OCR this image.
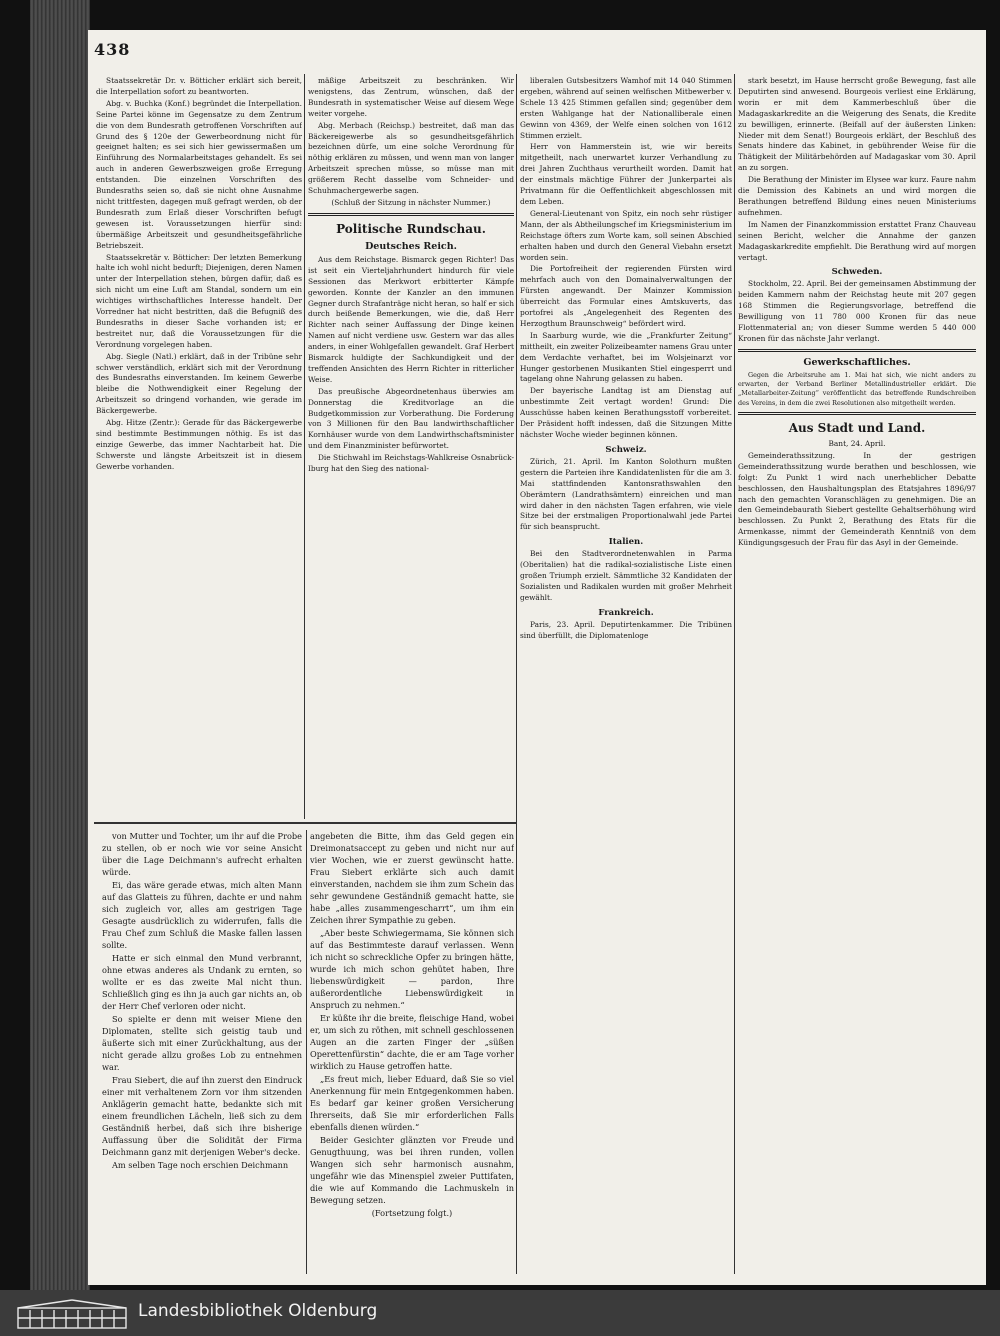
438

Staatssekretär Dr. v. Bötticher erklärt sich bereit, die Interpellation sofort zu beantworten.

Abg. v. Buchka (Konf.) begründet die Interpellation. Seine Partei könne im Gegensatze zu dem Zentrum die von dem Bundesrath getroffenen Vorschriften auf Grund des § 120e der Gewerbeordnung nicht für geeignet halten; es sei sich hier gewissermaßen um Einführung des Normalarbeitstages gehandelt. Es sei auch in anderen Gewerbszweigen große Erregung entstanden. Die einzelnen Vorschriften des Bundesraths seien so, daß sie nicht ohne Ausnahme nicht trittfesten, dagegen muß gefragt werden, ob der Bundesrath zum Erlaß dieser Vorschriften befugt gewesen ist. Voraussetzungen hierfür sind: übermäßige Arbeitszeit und gesundheitsgefährliche Betriebszeit.

Staatssekretär v. Bötticher: Der letzten Bemerkung halte ich wohl nicht bedurft; Diejenigen, deren Namen unter der Interpellation stehen, bürgen dafür, daß es sich nicht um eine Luft am Standal, sondern um ein wichtiges wirthschaftliches Interesse handelt. Der Vorredner hat nicht bestritten, daß die Befugniß des Bundesraths in dieser Sache vorhanden ist; er bestreitet nur, daß die Voraussetzungen für die Verordnung vorgelegen haben.

Abg. Siegle (Natl.) erklärt, daß in der Tribüne sehr schwer verständlich, erklärt sich mit der Verordnung des Bundesraths einverstanden. Im keinem Gewerbe bleibe die Nothwendigkeit einer Regelung der Arbeitszeit so dringend vorhanden, wie gerade im Bäckergewerbe.

Abg. Hitze (Zentr.): Gerade für das Bäckergewerbe sind bestimmte Bestimmungen nöthig. Es ist das einzige Gewerbe, das immer Nachtarbeit hat. Die Schwerste und längste Arbeitszeit ist in diesem Gewerbe vorhanden.

mäßige Arbeitszeit zu beschränken. Wir wenigstens, das Zentrum, wünschen, daß der Bundesrath in systematischer Weise auf diesem Wege weiter vorgehe.

Abg. Merbach (Reichsp.) bestreitet, daß man das Bäckereigewerbe als so gesundheitsgefährlich bezeichnen dürfe, um eine solche Verordnung für nöthig erklären zu müssen, und wenn man von langer Arbeitszeit sprechen müsse, so müsse man mit größerem Recht dasselbe vom Schneider- und Schuhmachergewerbe sagen.

(Schluß der Sitzung in nächster Nummer.)

Politische Rundschau.
Deutsches Reich.

Aus dem Reichstage. Bismarck gegen Richter! Das ist seit ein Vierteljahrhundert hindurch für viele Sessionen das Merkwort erbitterter Kämpfe geworden. Konnte der Kanzler an den immunen Gegner durch Strafanträge nicht heran, so half er sich durch beißende Bemerkungen, wie die, daß Herr Richter nach seiner Auffassung der Dinge keinen Namen auf nicht verdiene usw. Gestern war das alles anders, in einer Wohlgefallen gewandelt. Graf Herbert Bismarck huldigte der Sachkundigkeit und der treffenden Ansichten des Herrn Richter in ritterlicher Weise.

Das preußische Abgeordnetenhaus überwies am Donnerstag die Kreditvorlage an die Budgetkommission zur Vorberathung. Die Forderung von 3 Millionen für den Bau landwirthschaftlicher Kornhäuser wurde von dem Landwirthschaftsminister und dem Finanzminister befürwortet.

Die Stichwahl im Reichstags-Wahlkreise Osnabrück-Iburg hat den Sieg des national-

liberalen Gutsbesitzers Wamhof mit 14 040 Stimmen ergeben, während auf seinen welfischen Mitbewerber v. Schele 13 425 Stimmen gefallen sind; gegenüber dem ersten Wahlgange hat der Nationalliberale einen Gewinn von 4369, der Welfe einen solchen von 1612 Stimmen erzielt.

Herr von Hammerstein ist, wie wir bereits mitgetheilt, nach unerwartet kurzer Verhandlung zu drei Jahren Zuchthaus verurtheilt worden. Damit hat der einstmals mächtige Führer der Junkerpartei als Privatmann für die Oeffentlichkeit abgeschlossen mit dem Leben.

General-Lieutenant von Spitz, ein noch sehr rüstiger Mann, der als Abtheilungschef im Kriegsministerium im Reichstage öfters zum Worte kam, soll seinen Abschied erhalten haben und durch den General Viebahn ersetzt worden sein.

Die Portofreiheit der regierenden Fürsten wird mehrfach auch von den Domainalverwaltungen der Fürsten angewandt. Der Mainzer Kommission überreicht das Formular eines Amtskuverts, das portofrei als „Angelegenheit des Regenten des Herzogthum Braunschweig“ befördert wird.

In Saarburg wurde, wie die „Frankfurter Zeitung“ mittheilt, ein zweiter Polizeibeamter namens Grau unter dem Verdachte verhaftet, bei im Wolsjeinarzt vor Hunger gestorbenen Musikanten Stiel eingesperrt und tagelang ohne Nahrung gelassen zu haben.

Der bayerische Landtag ist am Dienstag auf unbestimmte Zeit vertagt worden! Grund: Die Ausschüsse haben keinen Berathungsstoff vorbereitet. Der Präsident hofft indessen, daß die Sitzungen Mitte nächster Woche wieder beginnen können.

Schweiz.

Zürich, 21. April. Im Kanton Solothurn mußten gestern die Parteien ihre Kandidatenlisten für die am 3. Mai stattfindenden Kantonsrathswahlen den Oberämtern (Landrathsämtern) einreichen und man wird daher in den nächsten Tagen erfahren, wie viele Sitze bei der erstmaligen Proportionalwahl jede Partei für sich beansprucht.

Italien.

Bei den Stadtverordnetenwahlen in Parma (Oberitalien) hat die radikal-sozialistische Liste einen großen Triumph erzielt. Sämmtliche 32 Kandidaten der Sozialisten und Radikalen wurden mit großer Mehrheit gewählt.

Frankreich.

Paris, 23. April. Deputirtenkammer. Die Tribünen sind überfüllt, die Diplomatenloge

stark besetzt, im Hause herrscht große Bewegung, fast alle Deputirten sind anwesend. Bourgeois verliest eine Erklärung, worin er mit dem Kammerbeschluß über die Madagaskarkredite an die Weigerung des Senats, die Kredite zu bewilligen, erinnerte. (Beifall auf der äußersten Linken: Nieder mit dem Senat!) Bourgeois erklärt, der Beschluß des Senats hindere das Kabinet, in gebührender Weise für die Thätigkeit der Militärbehörden auf Madagaskar vom 30. April an zu sorgen.

Die Berathung der Minister im Elysee war kurz. Faure nahm die Demission des Kabinets an und wird morgen die Berathungen betreffend Bildung eines neuen Ministeriums aufnehmen.

Im Namen der Finanzkommission erstattet Franz Chauveau seinen Bericht, welcher die Annahme der ganzen Madagaskarkredite empfiehlt. Die Berathung wird auf morgen vertagt.

Schweden.

Stockholm, 22. April. Bei der gemeinsamen Abstimmung der beiden Kammern nahm der Reichstag heute mit 207 gegen 168 Stimmen die Regierungsvorlage, betreffend die Bewilligung von 11 780 000 Kronen für das neue Flottenmaterial an; von dieser Summe werden 5 440 000 Kronen für das nächste Jahr verlangt.

Gewerkschaftliches.

Gegen die Arbeitsruhe am 1. Mai hat sich, wie nicht anders zu erwarten, der Verband Berliner Metallindustrieller erklärt. Die „Metallarbeiter-Zeitung“ veröffentlicht das betreffende Rundschreiben des Vereins, in dem die zwei Resolutionen also mitgetheilt werden.

Aus Stadt und Land.

Bant, 24. April.

Gemeinderathssitzung. In der gestrigen Gemeinderathssitzung wurde berathen und beschlossen, wie folgt: Zu Punkt 1 wird nach unerheblicher Debatte beschlossen, den Haushaltungsplan des Etatsjahres 1896/97 nach den gemachten Voranschlägen zu genehmigen. Die an den Gemeindebaurath Siebert gestellte Gehaltserhöhung wird beschlossen. Zu Punkt 2, Berathung des Etats für die Armenkasse, nimmt der Gemeinderath Kenntniß von dem Kündigungsgesuch der Frau für das Asyl in der Gemeinde.

von Mutter und Tochter, um ihr auf die Probe zu stellen, ob er noch wie vor seine Ansicht über die Lage Deichmann's aufrecht erhalten würde.

Ei, das wäre gerade etwas, mich alten Mann auf das Glatteis zu führen, dachte er und nahm sich zugleich vor, alles am gestrigen Tage Gesagte ausdrücklich zu widerrufen, falls die Frau Chef zum Schluß die Maske fallen lassen sollte.

Hatte er sich einmal den Mund verbrannt, ohne etwas anderes als Undank zu ernten, so wollte er es das zweite Mal nicht thun. Schließlich ging es ihn ja auch gar nichts an, ob der Herr Chef verloren oder nicht.

So spielte er denn mit weiser Miene den Diplomaten, stellte sich geistig taub und äußerte sich mit einer Zurückhaltung, aus der nicht gerade allzu großes Lob zu entnehmen war.

Frau Siebert, die auf ihn zuerst den Eindruck einer mit verhaltenem Zorn vor ihm sitzenden Anklägerin gemacht hatte, bedankte sich mit einem freundlichen Lächeln, ließ sich zu dem Geständniß herbei, daß sich ihre bisherige Auffassung über die Solidität der Firma Deichmann ganz mit derjenigen Weber's decke.

Am selben Tage noch erschien Deichmann

angebeten die Bitte, ihm das Geld gegen ein Dreimonatsaccept zu geben und nicht nur auf vier Wochen, wie er zuerst gewünscht hatte. Frau Siebert erklärte sich auch damit einverstanden, nachdem sie ihm zum Schein das sehr gewundene Geständniß gemacht hatte, sie habe „alles zusammengescharrt“, um ihm ein Zeichen ihrer Sympathie zu geben.

„Aber beste Schwiegermama, Sie können sich auf das Bestimmteste darauf verlassen. Wenn ich nicht so schreckliche Opfer zu bringen hätte, wurde ich mich schon gehütet haben, Ihre liebenswürdigkeit — pardon, Ihre außerordentliche Liebenswürdigkeit in Anspruch zu nehmen.“

Er küßte ihr die breite, fleischige Hand, wobei er, um sich zu röthen, mit schnell geschlossenen Augen an die zarten Finger der „süßen Operettenfürstin“ dachte, die er am Tage vorher wirklich zu Hause getroffen hatte.

„Es freut mich, lieber Eduard, daß Sie so viel Anerkennung für mein Entgegenkommen haben. Es bedarf gar keiner großen Versicherung Ihrerseits, daß Sie mir erforderlichen Falls ebenfalls dienen würden.“

Beider Gesichter glänzten vor Freude und Genugthuung, was bei ihren runden, vollen Wangen sich sehr harmonisch ausnahm, ungefähr wie das Minenspiel zweier Puttifaten, die wie auf Kommando die Lachmuskeln in Bewegung setzen.

(Fortsetzung folgt.)

Landesbibliothek Oldenburg
